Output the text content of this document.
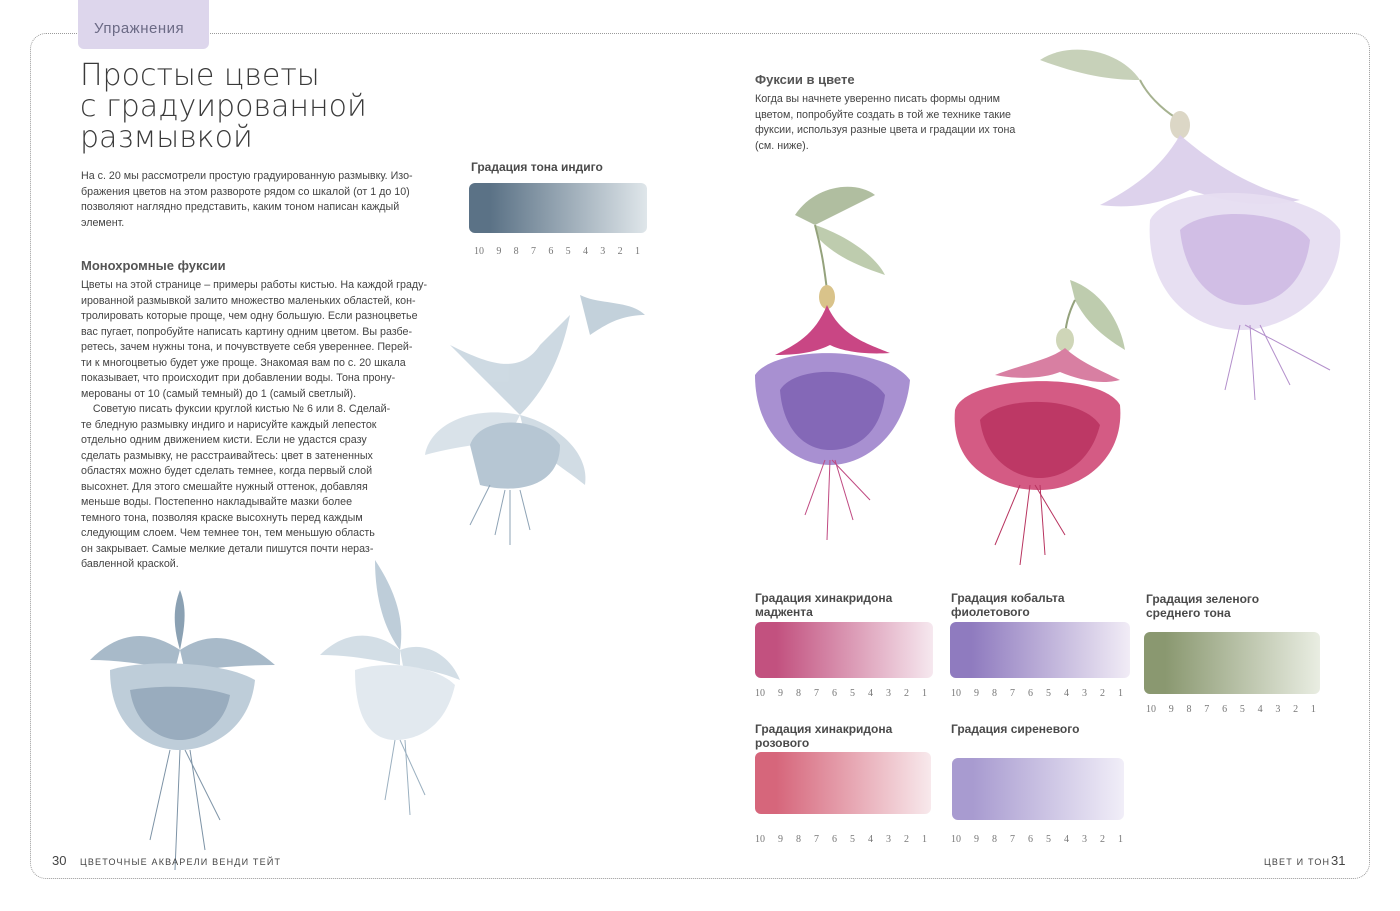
Упражнения
Простые цветы
с градуированной
размывкой
На с. 20 мы рассмотрели простую градуированную размывку. Изо-
бражения цветов на этом развороте рядом со шкалой (от 1 до 10)
позволяют наглядно представить, каким тоном написан каждый
элемент.
Монохромные фуксии
Цветы на этой странице – примеры работы кистью. На каждой граду-
ированной размывкой залито множество маленьких областей, кон-
тролировать которые проще, чем одну большую. Если разноцветье
вас пугает, попробуйте написать картину одним цветом. Вы разбе-
ретесь, зачем нужны тона, и почувствуете себя увереннее. Перей-
ти к многоцветью будет уже проще. Знакомая вам по с. 20 шкала
показывает, что происходит при добавлении воды. Тона прону-
мерованы от 10 (самый темный) до 1 (самый светлый).
Советую писать фуксии круглой кистью № 6 или 8. Сделай-
те бледную размывку индиго и нарисуйте каждый лепесток
отдельно одним движением кисти. Если не удастся сразу
сделать размывку, не расстраивайтесь: цвет в затененных
областях можно будет сделать темнее, когда первый слой
высохнет. Для этого смешайте нужный оттенок, добавляя
меньше воды. Постепенно накладывайте мазки более
темного тона, позволяя краске высохнуть перед каждым
следующим слоем. Чем темнее тон, тем меньшую область
он закрывает. Самые мелкие детали пишутся почти нераз-
бавленной краской.
Фуксии в цвете
Когда вы начнете уверенно писать формы одним
цветом, попробуйте создать в той же технике такие
фуксии, используя разные цвета и градации их тона
(см. ниже).
Градация тона индиго
10 9 8 7 6 5 4 3 2 1
Градация хинакридона
маджента
10 9 8 7 6 5 4 3 2 1
Градация кобальта
фиолетового
10 9 8 7 6 5 4 3 2 1
Градация зеленого
среднего тона
10 9 8 7 6 5 4 3 2 1
Градация хинакридона
розового
10 9 8 7 6 5 4 3 2 1
Градация сиреневого
10 9 8 7 6 5 4 3 2 1
30 ЦВЕТОЧНЫЕ АКВАРЕЛИ ВЕНДИ ТЕЙТ	ЦВЕТ И ТОН 31
